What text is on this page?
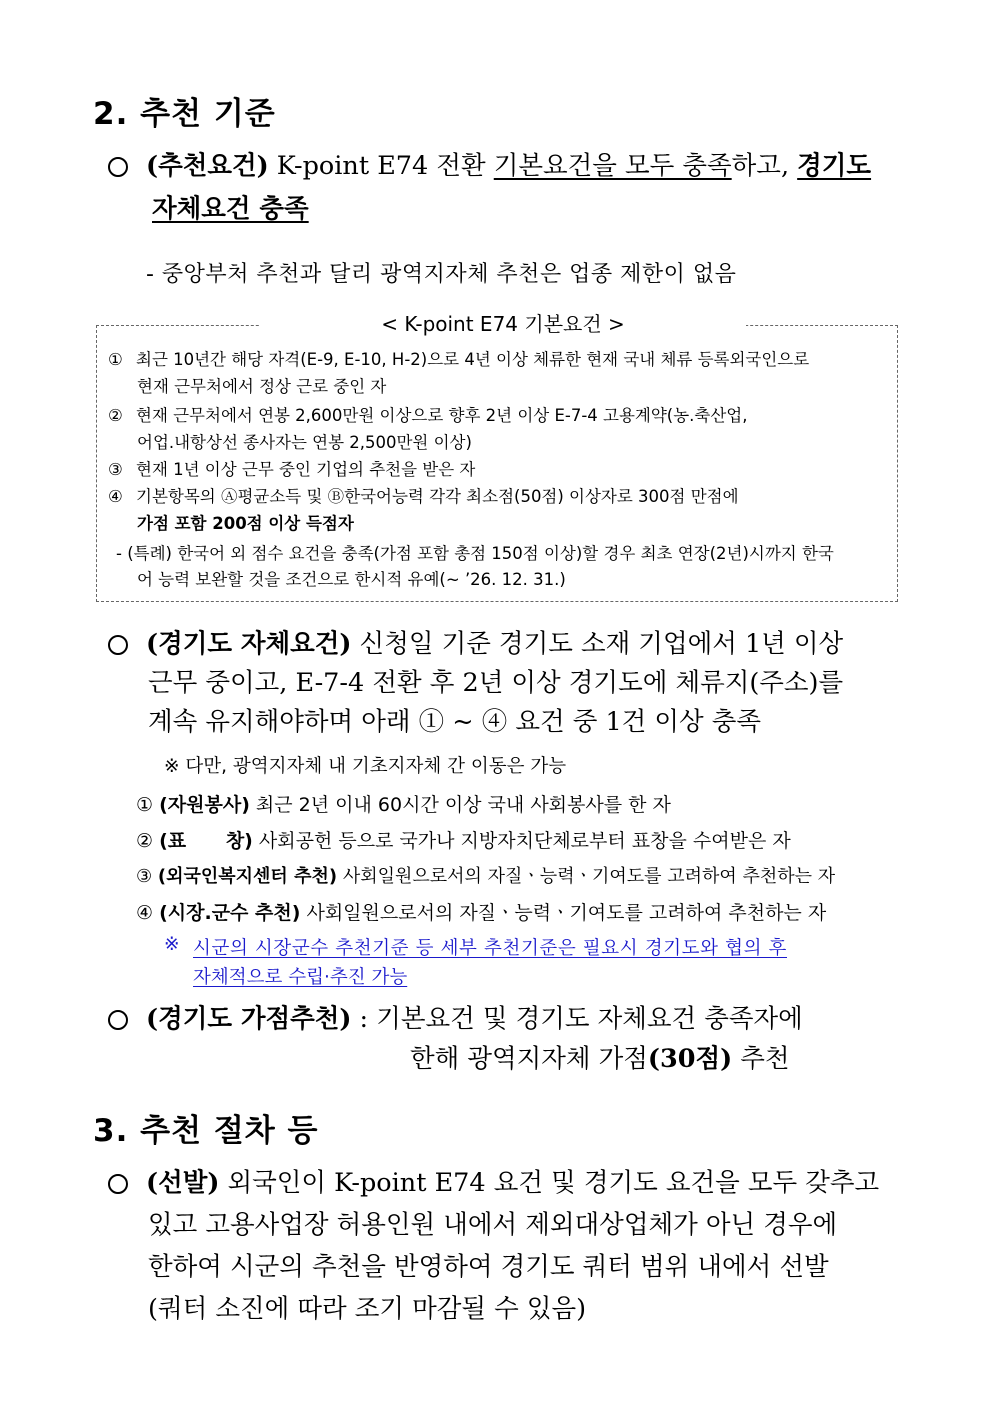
2. 추천 기준
(추천요건) K-point E74 전환 기본요건을 모두 충족하고, 경기도
자체요건 충족
- 중앙부처 추천과 달리 광역지자체 추천은 업종 제한이 없음
< K-point E74 기본요건 >
① 최근 10년간 해당 자격(E-9, E-10, H-2)으로 4년 이상 체류한 현재 국내 체류 등록외국인으로
현재 근무처에서 정상 근로 중인 자
② 현재 근무처에서 연봉 2,600만원 이상으로 향후 2년 이상 E-7-4 고용계약(농.축산업,
어업.내항상선 종사자는 연봉 2,500만원 이상)
③ 현재 1년 이상 근무 중인 기업의 추천을 받은 자
④ 기본항목의 Ⓐ평균소득 및 Ⓑ한국어능력 각각 최소점(50점) 이상자로 300점 만점에
가점 포함 200점 이상 득점자
- (특례) 한국어 외 점수 요건을 충족(가점 포함 총점 150점 이상)할 경우 최초 연장(2년)시까지 한국
어 능력 보완할 것을 조건으로 한시적 유예(~ ’26. 12. 31.)
(경기도 자체요건) 신청일 기준 경기도 소재 기업에서 1년 이상
근무 중이고, E-7-4 전환 후 2년 이상 경기도에 체류지(주소)를
계속 유지해야하며 아래 ① ~ ④ 요건 중 1건 이상 충족
※ 다만, 광역지자체 내 기초지자체 간 이동은 가능
① (자원봉사) 최근 2년 이내 60시간 이상 국내 사회봉사를 한 자
② (표      창) 사회공헌 등으로 국가나 지방자치단체로부터 표창을 수여받은 자
③ (외국인복지센터 추천) 사회일원으로서의 자질ㆍ능력ㆍ기여도를 고려하여 추천하는 자
④ (시장.군수 추천) 사회일원으로서의 자질ㆍ능력ㆍ기여도를 고려하여 추천하는 자
※ 시군의 시장군수 추천기준 등 세부 추천기준은 필요시 경기도와 협의 후
자체적으로 수립·추진 가능
(경기도 가점추천) : 기본요건 및 경기도 자체요건 충족자에
한해 광역지자체 가점(30점) 추천
3. 추천 절차 등
(선발) 외국인이 K-point E74 요건 및 경기도 요건을 모두 갖추고
있고 고용사업장 허용인원 내에서 제외대상업체가 아닌 경우에
한하여 시군의 추천을 반영하여 경기도 쿼터 범위 내에서 선발
(쿼터 소진에 따라 조기 마감될 수 있음)
